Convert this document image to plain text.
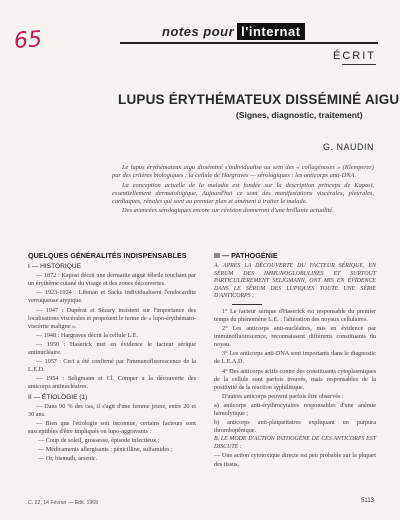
65	notes pour l'internat
ÉCRIT
LUPUS ÉRYTHÉMATEUX DISSÉMINÉ AIGU
(Signes, diagnostic, traitement)
G. NAUDIN

Le lupus érythémateux aigu disséminé s'individualise au sein des « collagénoses » (Klemperer) par des critères biologiques : la cellule de Hargraves — sérologiques : les anticorps anti-DNA.

La conception actuelle de la maladie est fondée sur la description princeps de Kaposi, essentiellement dermatologique. Aujourd'hui ce sont des manifestations viscérales, pleurales, cardiaques, rénales qui sont au premier plan et amènent à traiter le malade.

Des avancées sérologiques encore sur révision donneront d'une brillante actualité.

QUELQUES GÉNÉRALITÉS INDISPENSABLES
I — HISTORIQUE

— 1872 : Kaposi décrit une dermatite aiguë fébrile touchant par un érythème cutané du visage et des zones découvertes.

— 1923-1924 : Libman et Sacks individualisent l'endocardite verruqueuse atypique.

— 1947 : Dupérat et Sézary insistent sur l'importance des localisations viscérales et proposent le terme de « lupo-érythémato-viscérite maligne ».

— 1948 : Hargraves décrit la cellule L.E.

— 1950 : Haserick met en évidence le facteur sérique antinucléaire.

— 1957 : Ceci a été confirmé par l'immunofluorescence de la L.E.D.

— 1954 : Seligmann et Cl. Comper a la découverte des anticorps antinucléaires.

II — ÉTIOLOGIE (1)

— Dans 90 % des cas, il s'agit d'une femme jeune, entre 20 et 30 ans.

— Bien que l'étiologie soit inconnue, certains facteurs sont susceptibles d'être impliqués ou lupo-aggravants :

— Coup de soleil, grossesse, épisode infectieux ;

— Médicaments allergisants : pénicilline, sulfamides ;

— Or, bismuth, arsenic.

III — PATHOGÉNIE

A. APRÈS LA DÉCOUVERTE DU FACTEUR SÉRIQUE, EN SÉRUM DES IMMUNOGLOBULINES ET SURTOUT PARTICULIÈREMENT SELIGMANN, ONT MIS EN ÉVIDENCE DANS LE SÉRUM DES LUPIQUES TOUTE UNE SÉRIE D'ANTICORPS :

1° Le facteur sérique d'Haserick est responsable du premier temps du phénomène L.E. : l'altération des noyaux cellulaires.

2° Les anticorps anti-nucléaires, mis en évidence par immunofluorescence, reconnaissent différents constituants du noyau.

3° Les anticorps anti-DNA sont importants dans le diagnostic de L.E.A.D.

4° Des anticorps actifs contre des constituants cytoplasmiques de la cellule sont parfois trouvés, mais responsables de la positivité de la réaction syphilitique.

D'autres anticorps peuvent parfois être observés :

a) anticorps anti-érythrocytaires responsables d'une anémie hémolytique ;

b) anticorps anti-plaquettaires expliquant un purpura thrombopénique.

B. LE MODE D'ACTION PATHOGÈNE DE CES ANTICORPS EST DISCUTÉ :

— Une action cytotoxique directe est peu probable sur la plupart des tissus.

C. 22, 14 Février — Edit. 1969	5113
